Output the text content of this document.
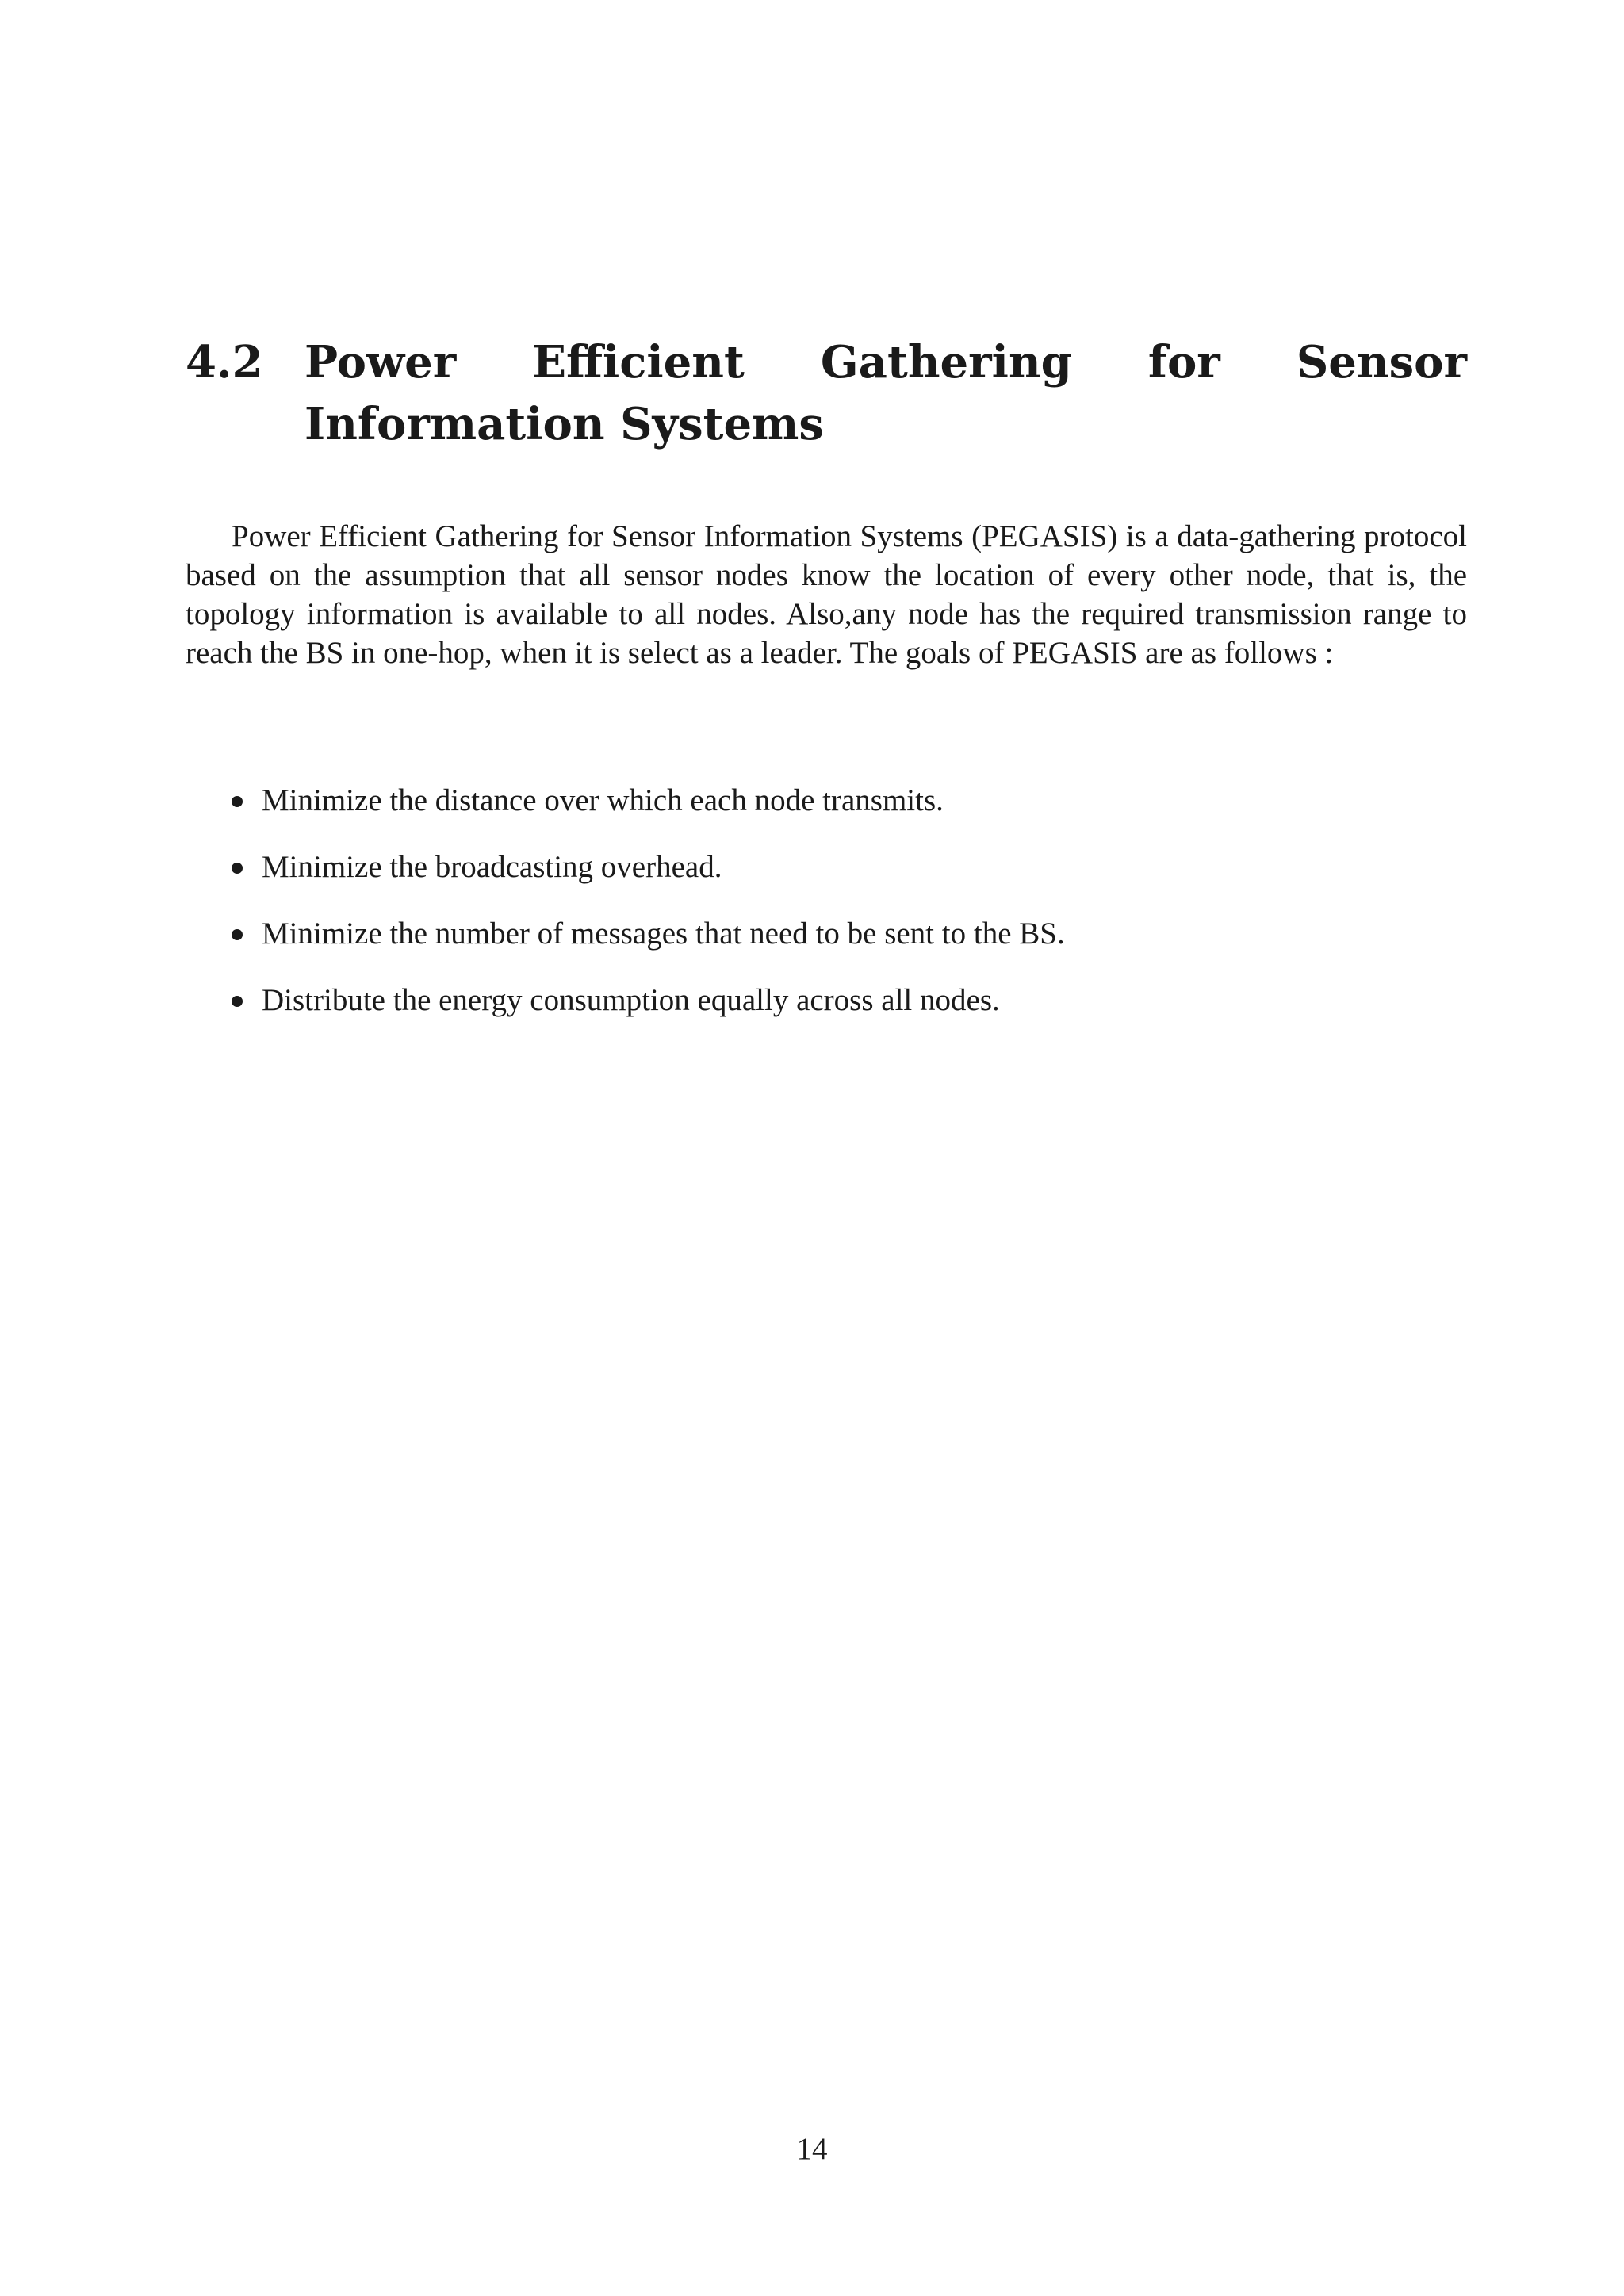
4.2 Power Efficient Gathering for Sensor Information Systems

Power Efficient Gathering for Sensor Information Systems (PEGASIS) is a data-gathering protocol based on the assumption that all sensor nodes know the location of every other node, that is, the topology information is available to all nodes. Also,any node has the required transmission range to reach the BS in one-hop, when it is select as a leader. The goals of PEGASIS are as follows :

Minimize the distance over which each node transmits.
Minimize the broadcasting overhead.
Minimize the number of messages that need to be sent to the BS.
Distribute the energy consumption equally across all nodes.
14
